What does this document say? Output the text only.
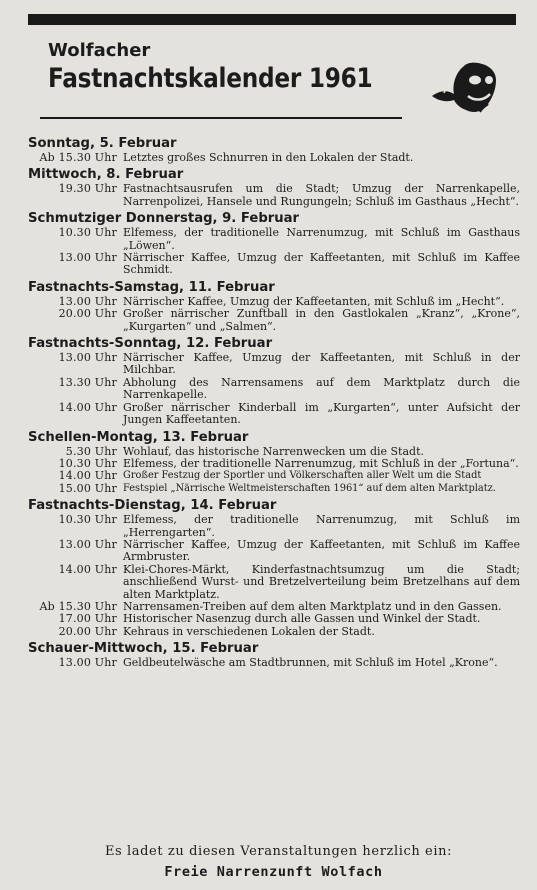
Wolfacher
Fastnachtskalender 1961
Sonntag, 5. Februar
Ab 15.30 Uhr Letztes großes Schnurren in den Lokalen der Stadt.
Mittwoch, 8. Februar
19.30 Uhr Fastnachtsausrufen um die Stadt; Umzug der Narrenkapelle, Narrenpolizei, Hansele und Rungungeln; Schluß im Gasthaus „Hecht“.
Schmutziger Donnerstag, 9. Februar
10.30 Uhr Elfemess, der traditionelle Narrenumzug, mit Schluß im Gasthaus „Löwen“.
13.00 Uhr Närrischer Kaffee, Umzug der Kaffeetanten, mit Schluß im Kaffee Schmidt.
Fastnachts-Samstag, 11. Februar
13.00 Uhr Närrischer Kaffee, Umzug der Kaffeetanten, mit Schluß im „Hecht“.
20.00 Uhr Großer närrischer Zunftball in den Gastlokalen „Kranz“, „Krone“, „Kurgarten“ und „Salmen“.
Fastnachts-Sonntag, 12. Februar
13.00 Uhr Närrischer Kaffee, Umzug der Kaffeetanten, mit Schluß in der Milchbar.
13.30 Uhr Abholung des Narrensamens auf dem Marktplatz durch die Narrenkapelle.
14.00 Uhr Großer närrischer Kinderball im „Kurgarten“, unter Aufsicht der Jungen Kaffeetanten.
Schellen-Montag, 13. Februar
5.30 Uhr Wohlauf, das historische Narrenwecken um die Stadt.
10.30 Uhr Elfemess, der traditionelle Narrenumzug, mit Schluß in der „Fortuna“.
14.00 Uhr Großer Festzug der Sportler und Völkerschaften aller Welt um die Stadt
15.00 Uhr Festspiel „Närrische Weltmeisterschaften 1961“ auf dem alten Marktplatz.
Fastnachts-Dienstag, 14. Februar
10.30 Uhr Elfemess, der traditionelle Narrenumzug, mit Schluß im „Herrengarten“.
13.00 Uhr Närrischer Kaffee, Umzug der Kaffeetanten, mit Schluß im Kaffee Armbruster.
14.00 Uhr Klei-Chores-Märkt, Kinderfastnachtsumzug um die Stadt; anschließend Wurst- und Bretzelverteilung beim Bretzelhans auf dem alten Marktplatz.
Ab 15.30 Uhr Narrensamen-Treiben auf dem alten Marktplatz und in den Gassen.
17.00 Uhr Historischer Nasenzug durch alle Gassen und Winkel der Stadt.
20.00 Uhr Kehraus in verschiedenen Lokalen der Stadt.
Schauer-Mittwoch, 15. Februar
13.00 Uhr Geldbeutelwäsche am Stadtbrunnen, mit Schluß im Hotel „Krone“.
Es ladet zu diesen Veranstaltungen herzlich ein:
Freie Narrenzunft Wolfach
